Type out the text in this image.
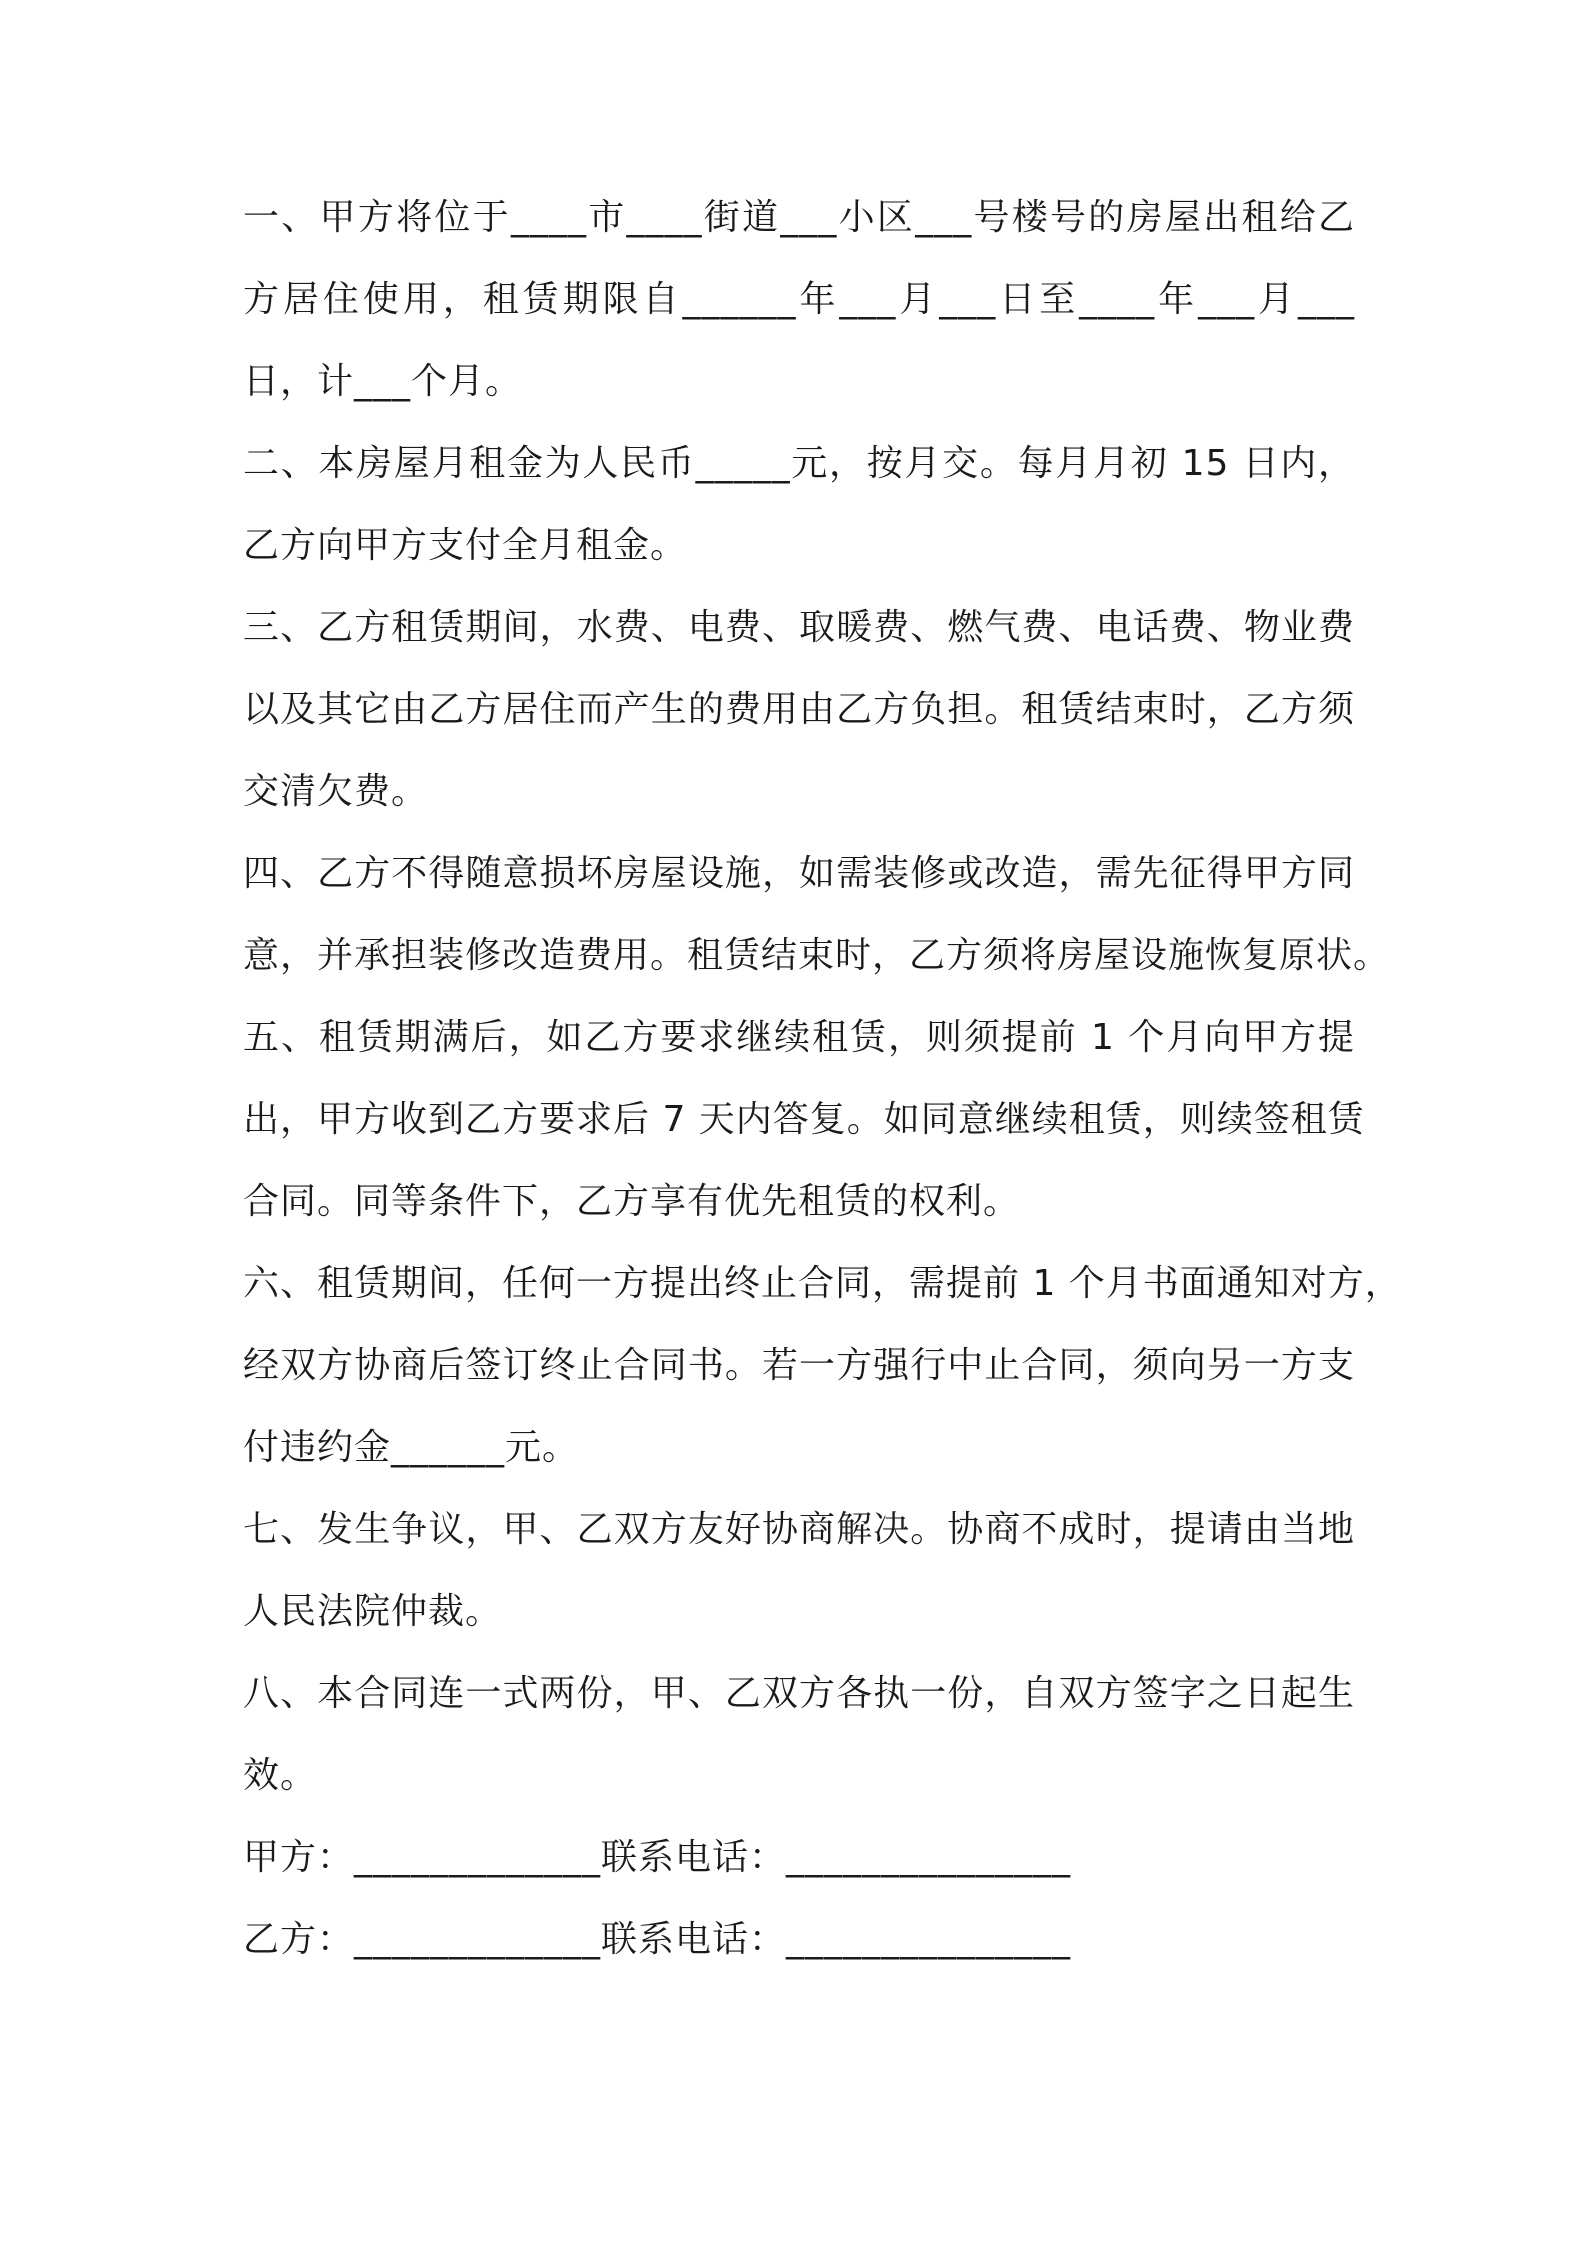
一、甲方将位于____市____街道___小区___号楼号的房屋出租给乙
方居住使用，租赁期限自______年___月___日至____年___月___
日，计___个月。
二、本房屋月租金为人民币_____元，按月交。每月月初 15 日内，
乙方向甲方支付全月租金。
三、乙方租赁期间，水费、电费、取暖费、燃气费、电话费、物业费
以及其它由乙方居住而产生的费用由乙方负担。租赁结束时，乙方须
交清欠费。
四、乙方不得随意损坏房屋设施，如需装修或改造，需先征得甲方同
意，并承担装修改造费用。租赁结束时，乙方须将房屋设施恢复原状。
五、租赁期满后，如乙方要求继续租赁，则须提前 1 个月向甲方提
出，甲方收到乙方要求后 7 天内答复。如同意继续租赁，则续签租赁
合同。同等条件下，乙方享有优先租赁的权利。
六、租赁期间，任何一方提出终止合同，需提前 1 个月书面通知对方，
经双方协商后签订终止合同书。若一方强行中止合同，须向另一方支
付违约金______元。
七、发生争议，甲、乙双方友好协商解决。协商不成时，提请由当地
人民法院仲裁。
八、本合同连一式两份，甲、乙双方各执一份，自双方签字之日起生
效。
甲方：_____________联系电话：_______________
乙方：_____________联系电话：_______________
